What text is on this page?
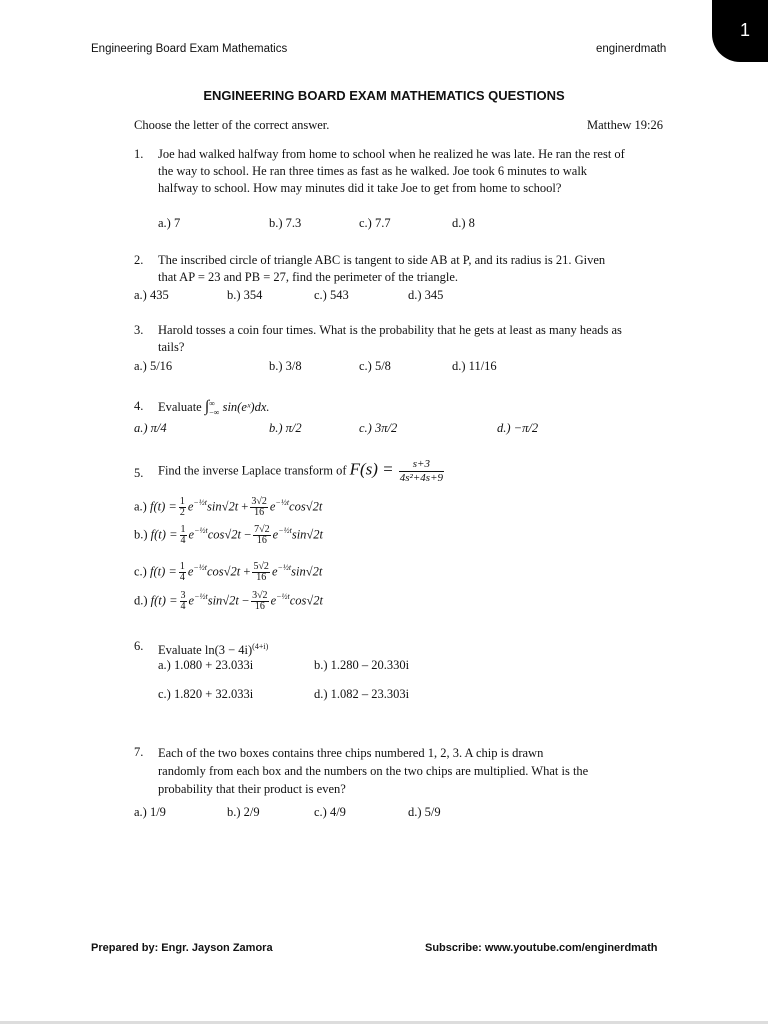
Engineering Board Exam Mathematics	enginerdmath
1
ENGINEERING BOARD EXAM MATHEMATICS QUESTIONS
Choose the letter of the correct answer.	Matthew 19:26
1. Joe had walked halfway from home to school when he realized he was late. He ran the rest of
the way to school. He ran three times as fast as he walked. Joe took 6 minutes to walk
halfway to school. How may minutes did it take Joe to get from home to school?
a.) 7	b.) 7.3	c.) 7.7	d.) 8
2. The inscribed circle of triangle ABC is tangent to side AB at P, and its radius is 21. Given
that AP = 23 and PB = 27, find the perimeter of the triangle.
a.) 435	b.) 354	c.) 543	d.) 345
3. Harold tosses a coin four times. What is the probability that he gets at least as many heads as
tails?
a.) 5/16	b.) 3/8	c.) 5/8	d.) 11/16
4. Evaluate ∫ ∞
−∞ sin(eˣ)dx.
a.) π/4	b.) π/2	c.) 3π/2	d.) −π/2
5. Find the inverse Laplace transform of $F(s) = \frac{s+3}{\text{4s²+4s+9}}$
a.) $f(t) = \frac{1}{2} e^{-\frac{1}{2}t}\sin√2t + \frac{3√2}{16} e^{-\frac{1}{2}t}\cos√2t$
b.) $f(t) = \frac{1}{4} e^{-\frac{1}{2}t}\cos√2t - \frac{7√2}{16} e^{-\frac{1}{2}t}\sin√2t$
c.) $f(t) = \frac{1}{4} e^{-\frac{1}{2}t}\cos√2t + \frac{5√2}{16} e^{-\frac{1}{2}t}\sin√2t$
d.) $f(t) = \frac{3}{4} e^{-\frac{1}{2}t}\sin√2t - \frac{3√2}{16} e^{-\frac{1}{2}t}\cos√2t$
6. Evaluate $\ln(3 - 4i)^{(4+i)}$
a.) 1.080 + 23.033i	b.) 1.280 – 20.330i
c.) 1.820 + 32.033i	d.) 1.082 – 23.303i
7. Each of the two boxes contains three chips numbered 1, 2, 3. A chip is drawn
randomly from each box and the numbers on the two chips are multiplied. What is the
probability that their product is even?
a.) 1/9	b.) 2/9	c.) 4/9	d.) 5/9
Prepared by: Engr. Jayson Zamora	Subscribe: www.youtube.com/enginerdmath
